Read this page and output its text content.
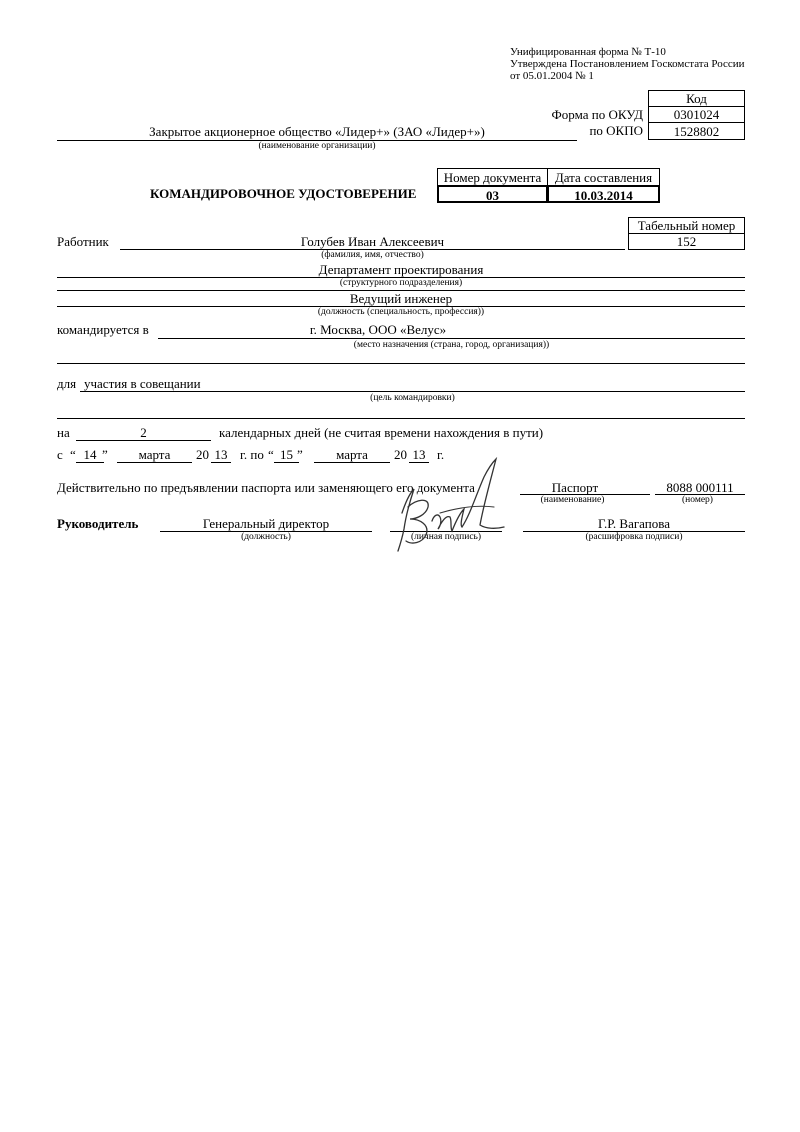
Унифицированная форма № Т-10
Утверждена Постановлением Госкомстата России
от 05.01.2004 № 1
Код
0301024
1528802
Форма по ОКУД
по ОКПО
Закрытое акционерное общество «Лидер+» (ЗАО «Лидер+»)
(наименование организации)
КОМАНДИРОВОЧНОЕ УДОСТОВЕРЕНИЕ
Номер документа	Дата составления
03	10.03.2014
Табельный номер
152
Работник	Голубев Иван Алексеевич
(фамилия, имя, отчество)
Департамент проектирования
(структурного подразделения)
Ведущий инженер
(должность (специальность, профессия))
командируется в	г. Москва, ООО «Велус»
(место назначения (страна, город, организация))
для участия в совещании
(цель командировки)
на	2	календарных дней (не считая времени нахождения в пути)
с “ 14 ”	марта	20 13 г. по “ 15 ”	марта	20 13 г.
Действительно по предъявлении паспорта или заменяющего его документа	Паспорт
(наименование)
8088 000111
(номер)
Руководитель	Генеральный директор
(должность)	(личная подпись)
Г.Р. Вагапова
(расшифровка подписи)
